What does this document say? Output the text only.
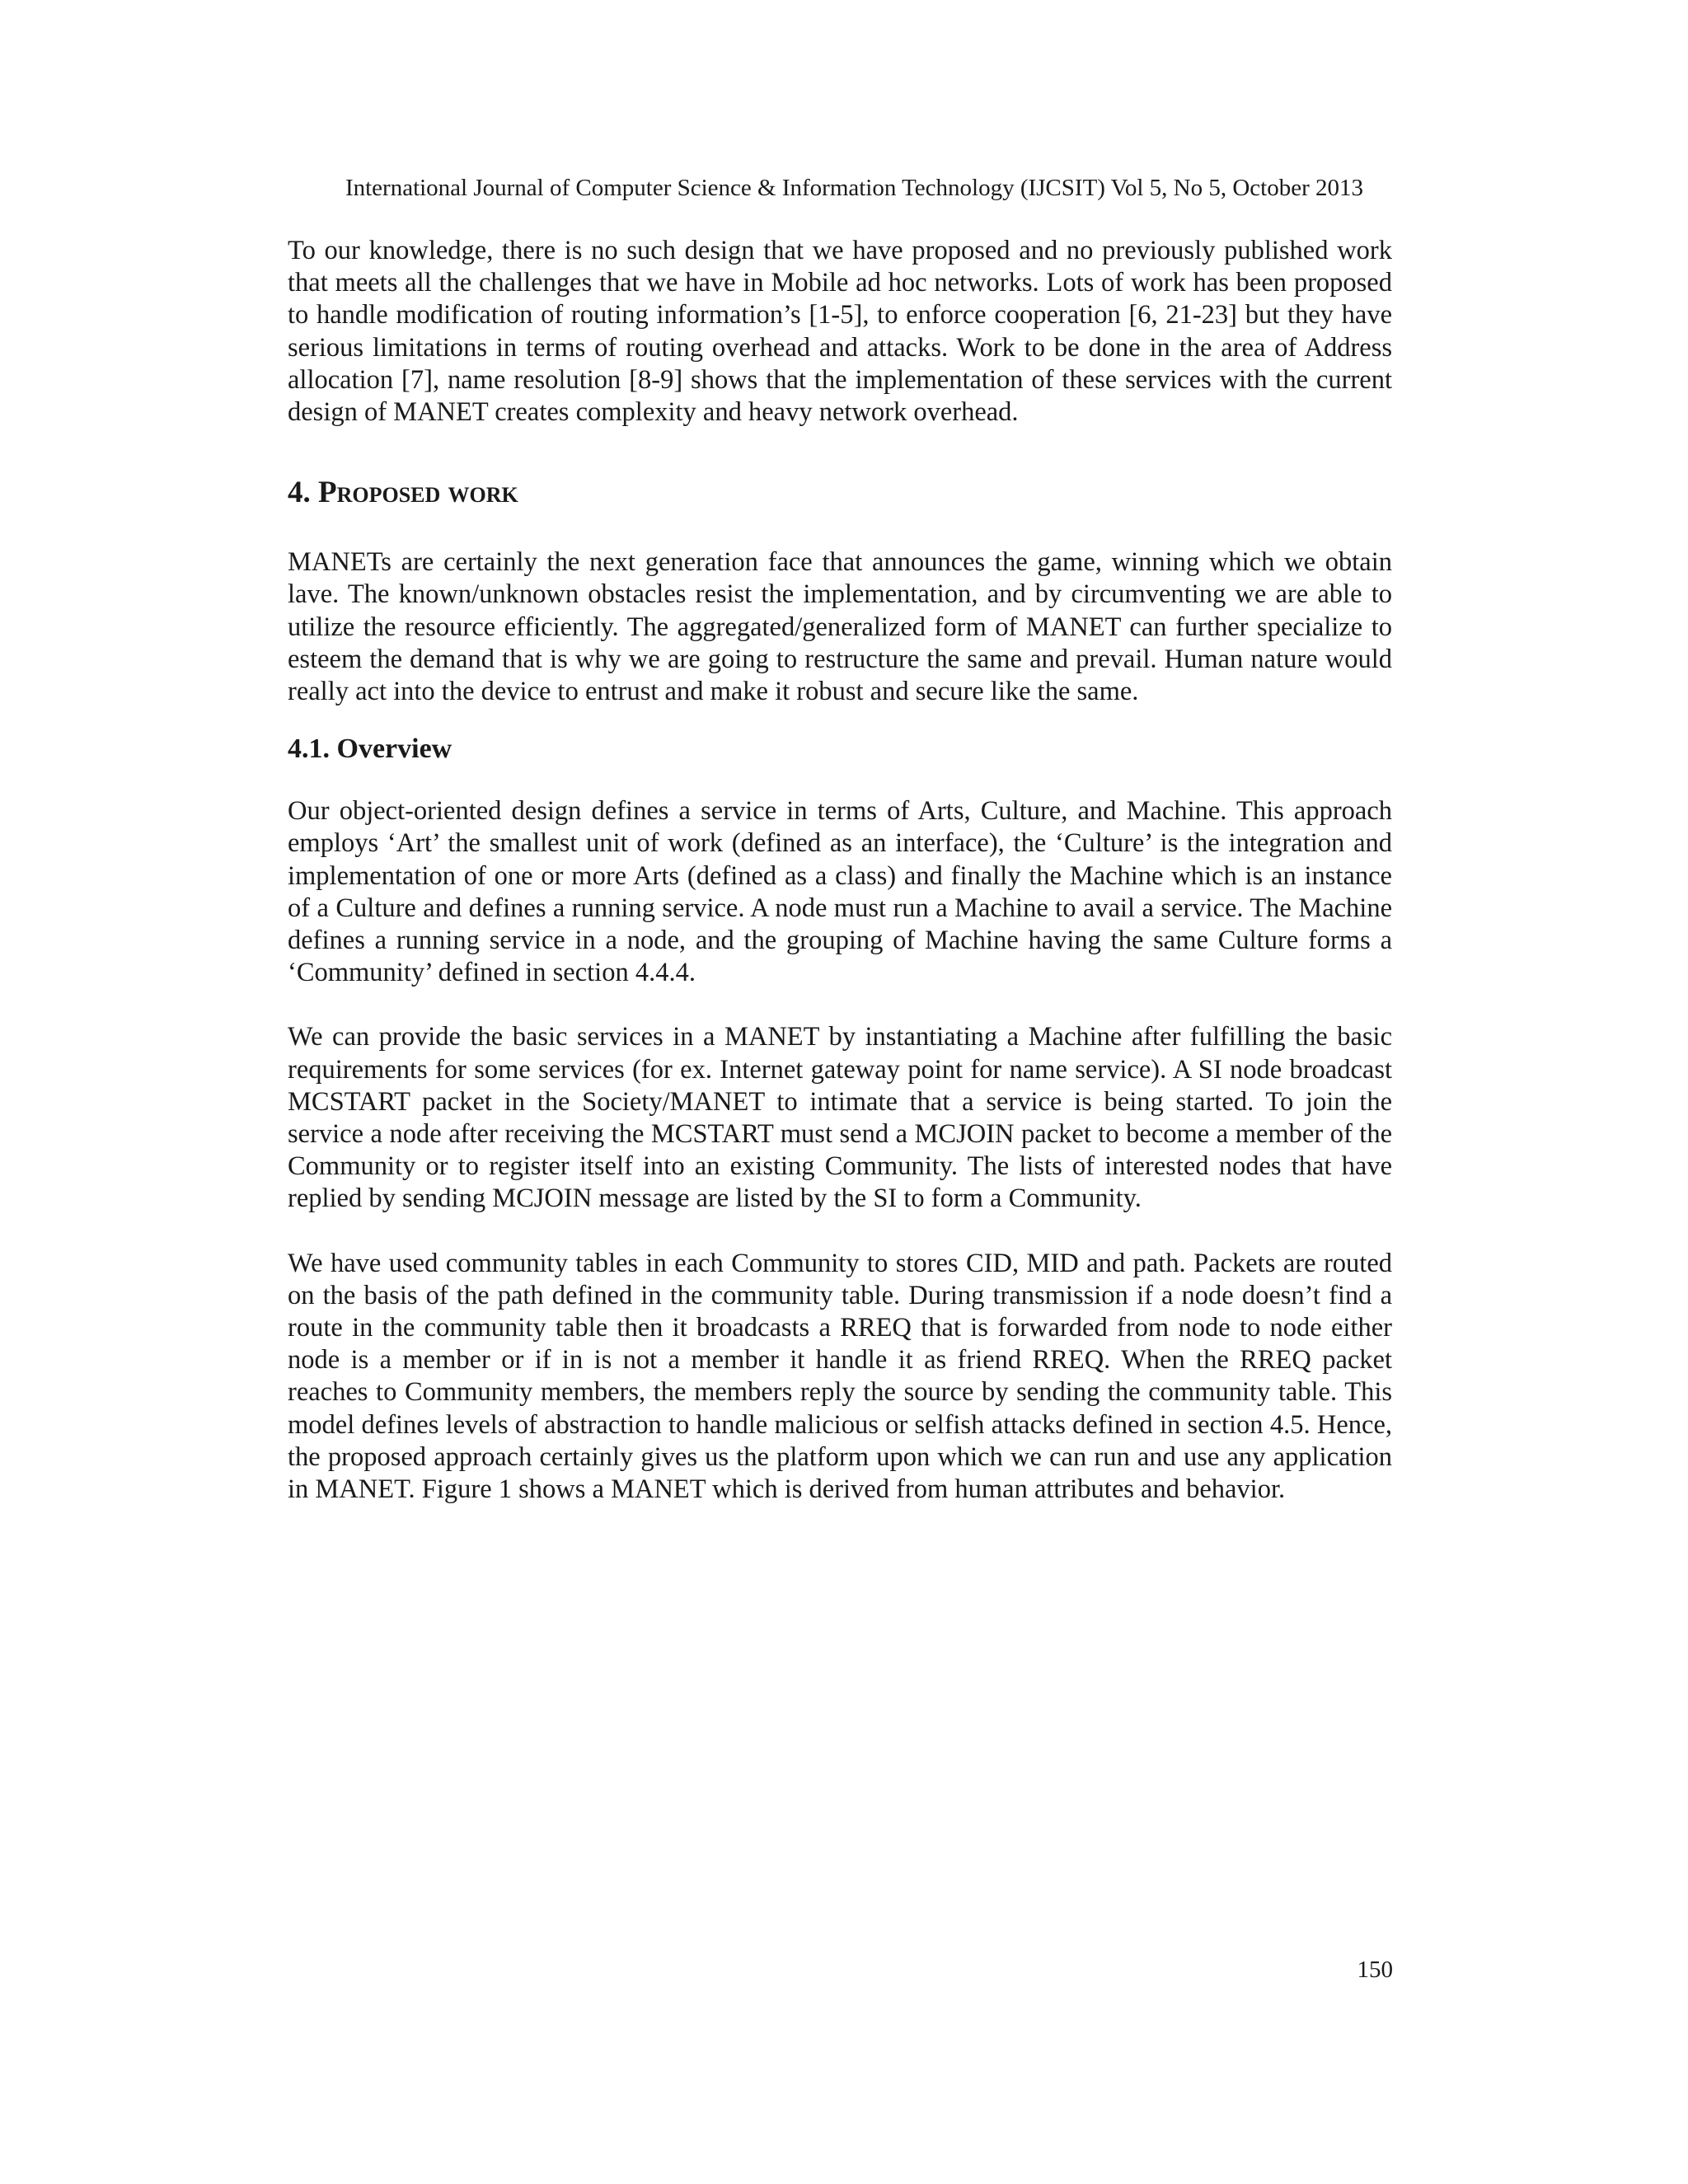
International Journal of Computer Science & Information Technology (IJCSIT) Vol 5, No 5, October 2013

To our knowledge, there is no such design that we have proposed and no previously published work that meets all the challenges that we have in Mobile ad hoc networks. Lots of work has been proposed to handle modification of routing information’s [1-5], to enforce cooperation [6, 21-23] but they have serious limitations in terms of routing overhead and attacks. Work to be done in the area of Address allocation [7], name resolution [8-9] shows that the implementation of these services with the current design of MANET creates complexity and heavy network overhead.

4. Proposed work

MANETs are certainly the next generation face that announces the game, winning which we obtain lave. The known/unknown obstacles resist the implementation, and by circumventing we are able to utilize the resource efficiently. The aggregated/generalized form of MANET can further specialize to esteem the demand that is why we are going to restructure the same and prevail. Human nature would really act into the device to entrust and make it robust and secure like the same.

4.1. Overview

Our object-oriented design defines a service in terms of Arts, Culture, and Machine. This approach employs ‘Art’ the smallest unit of work (defined as an interface), the ‘Culture’ is the integration and implementation of one or more Arts (defined as a class) and finally the Machine which is an instance of a Culture and defines a running service. A node must run a Machine to avail a service. The Machine defines a running service in a node, and the grouping of Machine having the same Culture forms a ‘Community’ defined in section 4.4.4.

We can provide the basic services in a MANET by instantiating a Machine after fulfilling the basic requirements for some services (for ex. Internet gateway point for name service). A SI node broadcast MCSTART packet in the Society/MANET to intimate that a service is being started. To join the service a node after receiving the MCSTART must send a MCJOIN packet to become a member of the Community or to register itself into an existing Community. The lists of interested nodes that have replied by sending MCJOIN message are listed by the SI to form a Community.

We have used community tables in each Community to stores CID, MID and path. Packets are routed on the basis of the path defined in the community table. During transmission if a node doesn’t find a route in the community table then it broadcasts a RREQ that is forwarded from node to node either node is a member or if in is not a member it handle it as friend RREQ. When the RREQ packet reaches to Community members, the members reply the source by sending the community table. This model defines levels of abstraction to handle malicious or selfish attacks defined in section 4.5. Hence, the proposed approach certainly gives us the platform upon which we can run and use any application in MANET. Figure 1 shows a MANET which is derived from human attributes and behavior.

150
